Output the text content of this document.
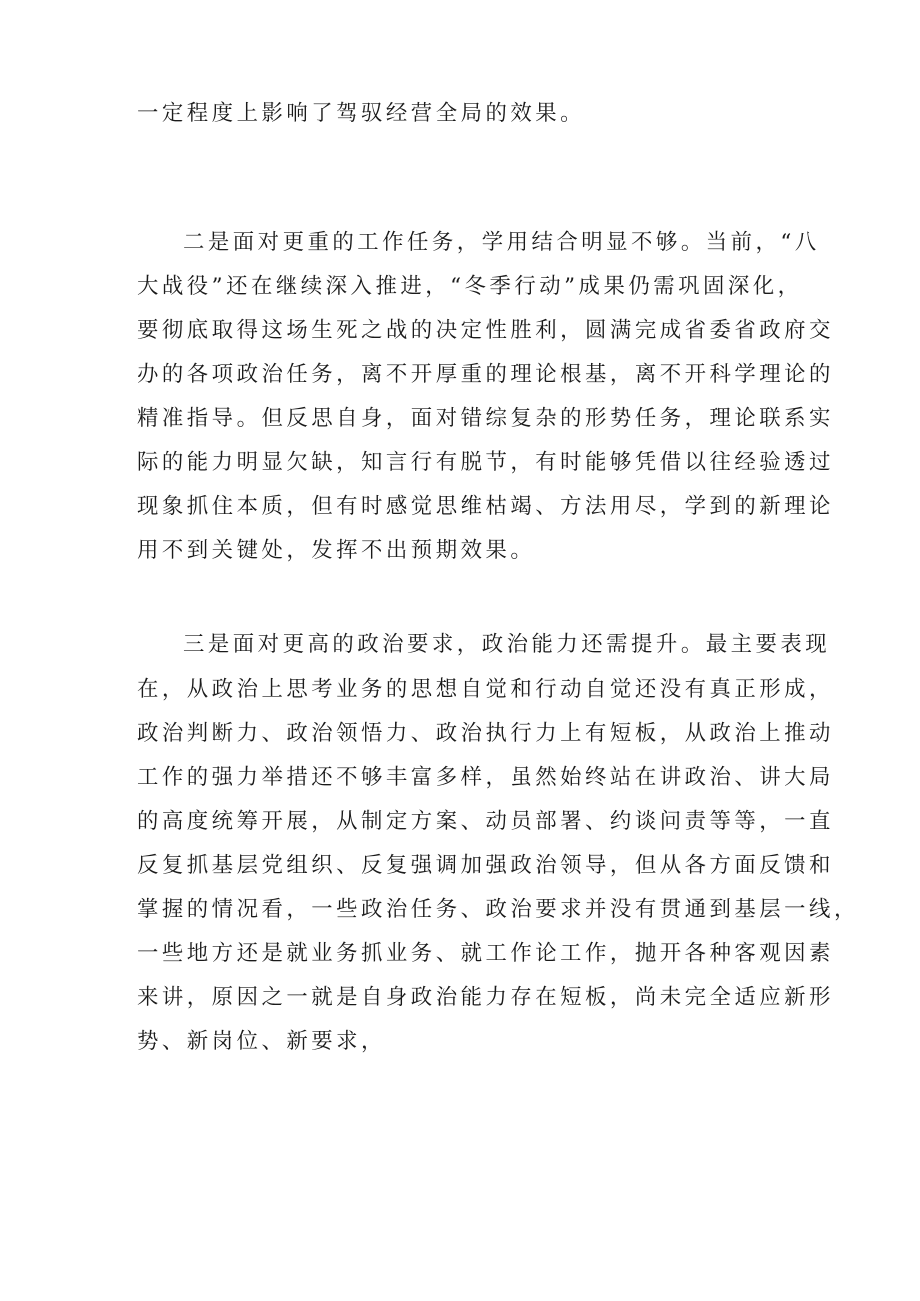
一定程度上影响了驾驭经营全局的效果。

二是面对更重的工作任务，学用结合明显不够。当前，“八

大战役”还在继续深入推进，“冬季行动”成果仍需巩固深化，

要彻底取得这场生死之战的决定性胜利，圆满完成省委省政府交

办的各项政治任务，离不开厚重的理论根基，离不开科学理论的

精准指导。但反思自身，面对错综复杂的形势任务，理论联系实

际的能力明显欠缺，知言行有脱节，有时能够凭借以往经验透过

现象抓住本质，但有时感觉思维枯竭、方法用尽，学到的新理论

用不到关键处，发挥不出预期效果。

三是面对更高的政治要求，政治能力还需提升。最主要表现

在，从政治上思考业务的思想自觉和行动自觉还没有真正形成，

政治判断力、政治领悟力、政治执行力上有短板，从政治上推动

工作的强力举措还不够丰富多样，虽然始终站在讲政治、讲大局

的高度统筹开展，从制定方案、动员部署、约谈问责等等，一直

反复抓基层党组织、反复强调加强政治领导，但从各方面反馈和

掌握的情况看，一些政治任务、政治要求并没有贯通到基层一线，

一些地方还是就业务抓业务、就工作论工作，抛开各种客观因素

来讲，原因之一就是自身政治能力存在短板，尚未完全适应新形

势、新岗位、新要求，
